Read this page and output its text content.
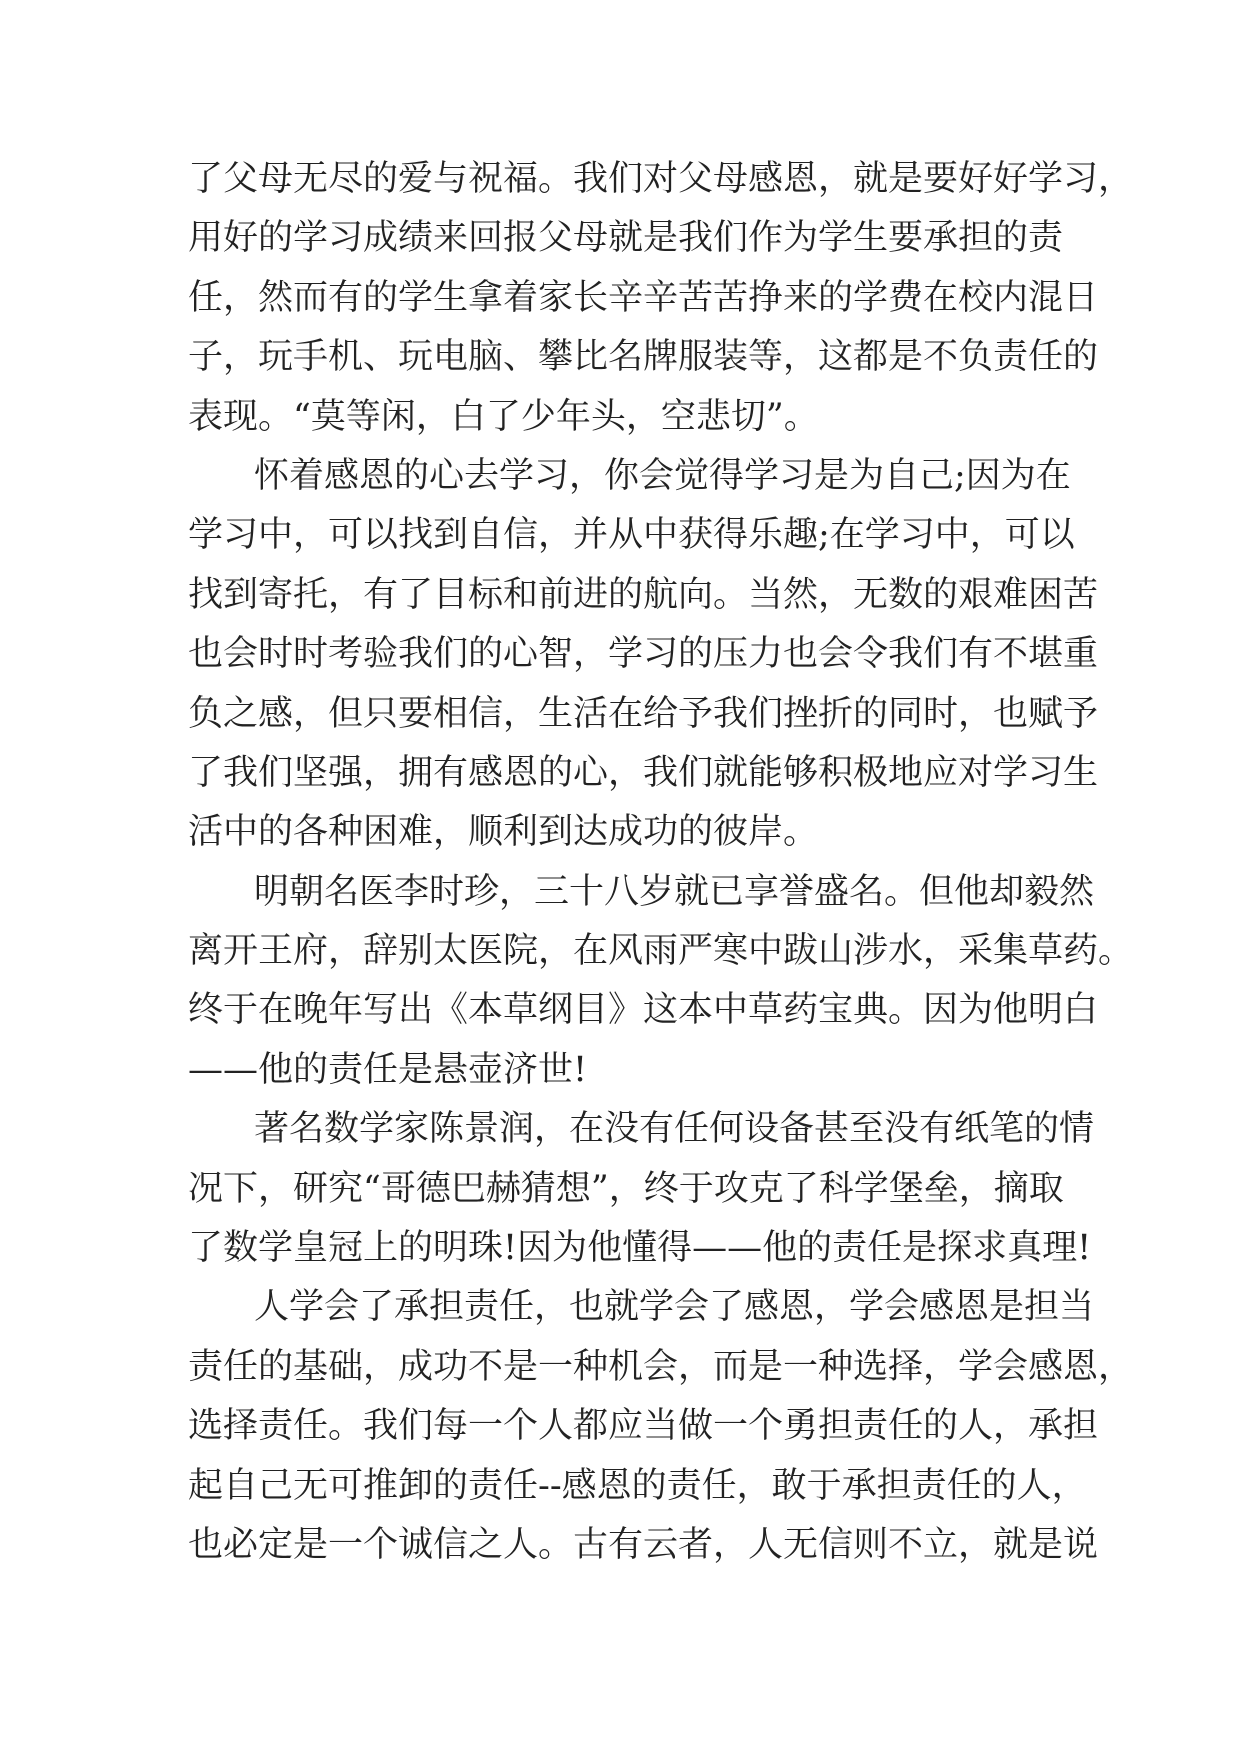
了父母无尽的爱与祝福。我们对父母感恩，就是要好好学习，
用好的学习成绩来回报父母就是我们作为学生要承担的责
任，然而有的学生拿着家长辛辛苦苦挣来的学费在校内混日
子，玩手机、玩电脑、攀比名牌服装等，这都是不负责任的
表现。“莫等闲，白了少年头，空悲切”。
怀着感恩的心去学习，你会觉得学习是为自己;因为在
学习中，可以找到自信，并从中获得乐趣;在学习中，可以
找到寄托，有了目标和前进的航向。当然，无数的艰难困苦
也会时时考验我们的心智，学习的压力也会令我们有不堪重
负之感，但只要相信，生活在给予我们挫折的同时，也赋予
了我们坚强，拥有感恩的心，我们就能够积极地应对学习生
活中的各种困难，顺利到达成功的彼岸。
明朝名医李时珍，三十八岁就已享誉盛名。但他却毅然
离开王府，辞别太医院，在风雨严寒中跋山涉水，采集草药。
终于在晚年写出《本草纲目》这本中草药宝典。因为他明白
——他的责任是悬壶济世!
著名数学家陈景润，在没有任何设备甚至没有纸笔的情
况下，研究“哥德巴赫猜想”，终于攻克了科学堡垒，摘取
了数学皇冠上的明珠!因为他懂得——他的责任是探求真理!
人学会了承担责任，也就学会了感恩，学会感恩是担当
责任的基础，成功不是一种机会，而是一种选择，学会感恩，
选择责任。我们每一个人都应当做一个勇担责任的人，承担
起自己无可推卸的责任--感恩的责任，敢于承担责任的人，
也必定是一个诚信之人。古有云者，人无信则不立，就是说
